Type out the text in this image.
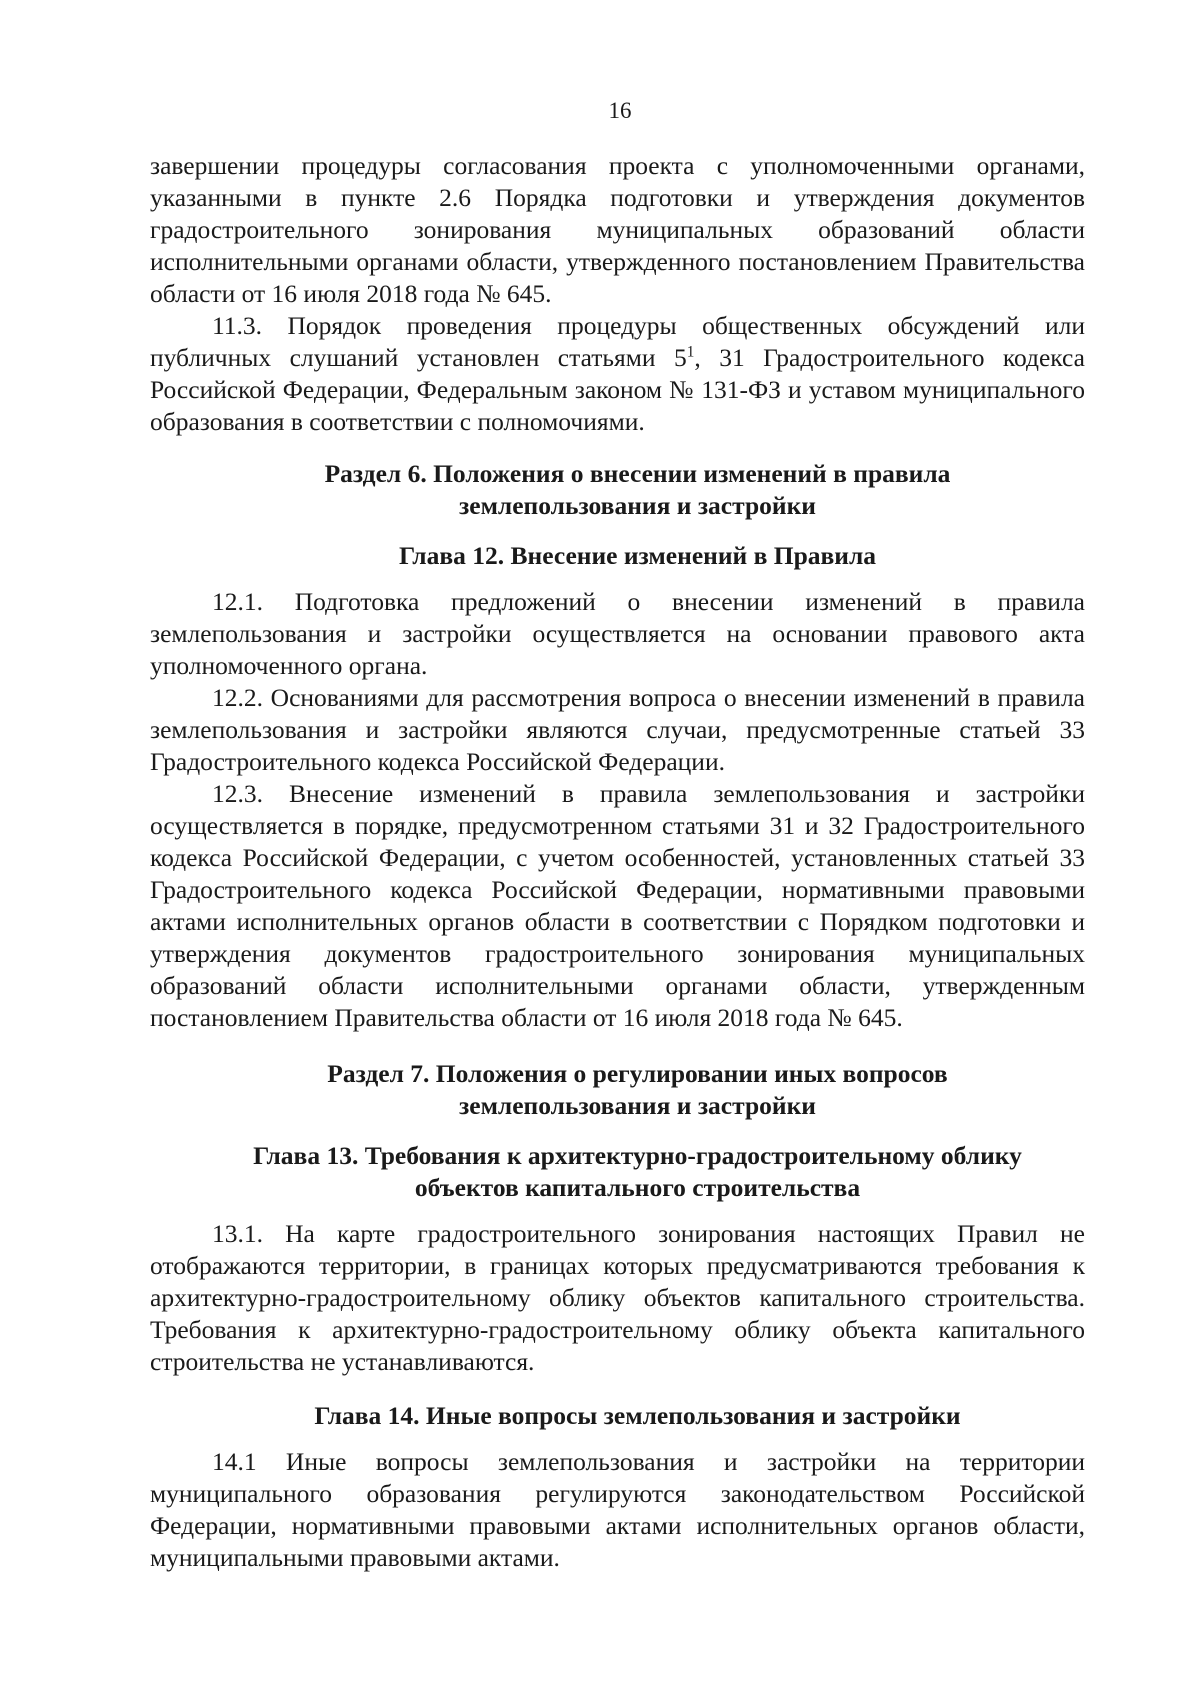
16

завершении процедуры согласования проекта с уполномоченными органами, указанными в пункте 2.6 Порядка подготовки и утверждения документов градостроительного зонирования муниципальных образований области исполнительными органами области, утвержденного постановлением Правительства области от 16 июля 2018 года № 645.

11.3. Порядок проведения процедуры общественных обсуждений или публичных слушаний установлен статьями $5^1$, 31 Градостроительного кодекса Российской Федерации, Федеральным законом № 131-ФЗ и уставом муниципального образования в соответствии с полномочиями.

Раздел 6. Положения о внесении изменений в правила
землепользования и застройки
Глава 12. Внесение изменений в Правила

12.1. Подготовка предложений о внесении изменений в правила землепользования и застройки осуществляется на основании правового акта уполномоченного органа.

12.2. Основаниями для рассмотрения вопроса о внесении изменений в правила землепользования и застройки являются случаи, предусмотренные статьей 33 Градостроительного кодекса Российской Федерации.

12.3. Внесение изменений в правила землепользования и застройки осуществляется в порядке, предусмотренном статьями 31 и 32 Градостроительного кодекса Российской Федерации, с учетом особенностей, установленных статьей 33 Градостроительного кодекса Российской Федерации, нормативными правовыми актами исполнительных органов области в соответствии с Порядком подготовки и утверждения документов градостроительного зонирования муниципальных образований области исполнительными органами области, утвержденным постановлением Правительства области от 16 июля 2018 года № 645.

Раздел 7. Положения о регулировании иных вопросов
землепользования и застройки
Глава 13. Требования к архитектурно-градостроительному облику
объектов капитального строительства

13.1. На карте градостроительного зонирования настоящих Правил не отображаются территории, в границах которых предусматриваются требования к архитектурно-градостроительному облику объектов капитального строительства. Требования к архитектурно-градостроительному облику объекта капитального строительства не устанавливаются.

Глава 14. Иные вопросы землепользования и застройки

14.1 Иные вопросы землепользования и застройки на территории муниципального образования регулируются законодательством Российской Федерации, нормативными правовыми актами исполнительных органов области, муниципальными правовыми актами.
